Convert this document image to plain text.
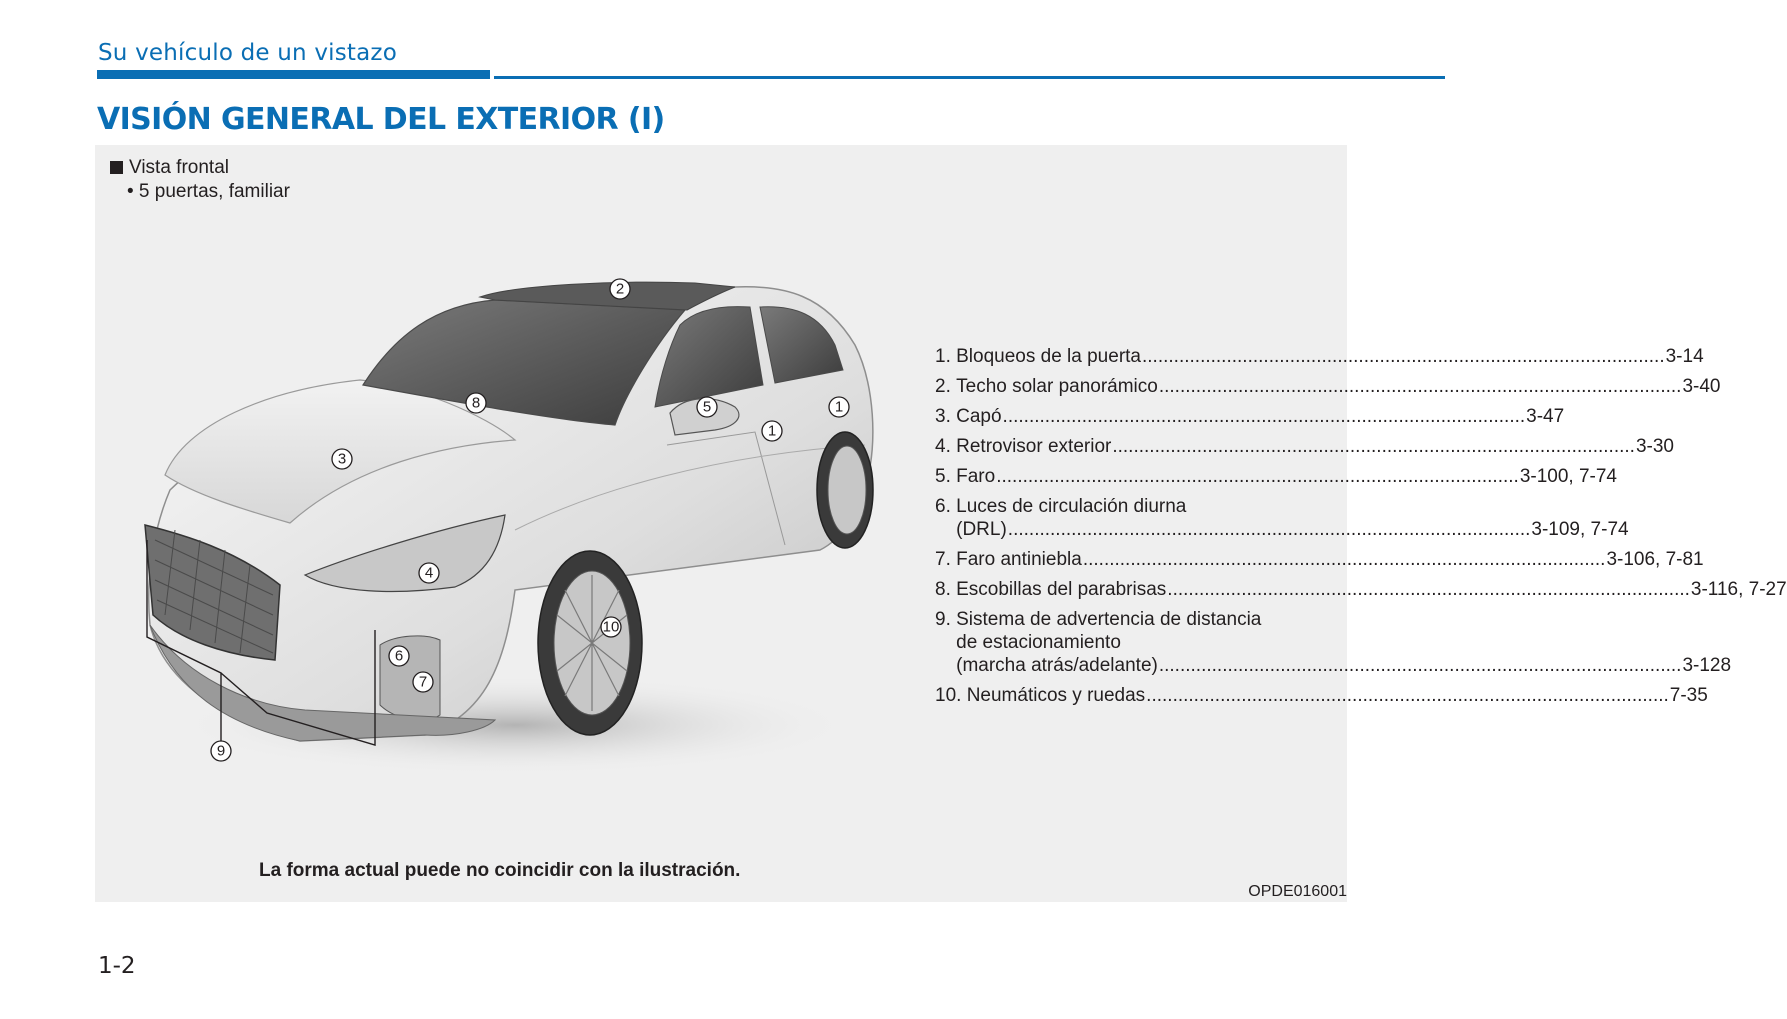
Su vehículo de un vistazo
VISIÓN GENERAL DEL EXTERIOR (I)
Vista frontal
• 5 puertas, familiar
2
8	5
1
1
3
4
10
6
7
9
1. Bloqueos de la puerta .....	3-14
2. Techo solar panorámico .....	3-40
3. Capó .....	3-47
4. Retrovisor exterior .....	3-30
5. Faro .....	3-100, 7-74
6. Luces de circulación diurna
(DRL) .....	3-109, 7-74
7. Faro antiniebla .....	3-106, 7-81
8. Escobillas del parabrisas .....	3-116, 7-27
9. Sistema de advertencia de distancia
de estacionamiento
(marcha atrás/adelante) .....	3-128
10. Neumáticos y ruedas .....	7-35
La forma actual puede no coincidir con la ilustración.
OPDE016001
1-2
